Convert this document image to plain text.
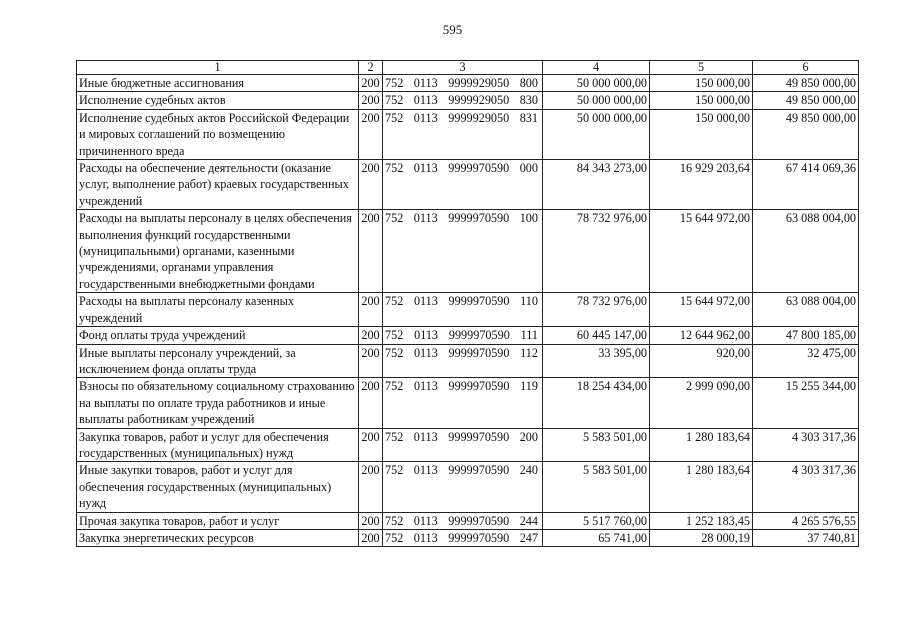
595
1	2	3	4	5	6
Иные бюджетные ассигнования	200	752 0113 9999929050 800	50 000 000,00	150 000,00	49 850 000,00
Исполнение судебных актов	200	752 0113 9999929050 830	50 000 000,00	150 000,00	49 850 000,00
Исполнение судебных актов Российской Федерации и мировых соглашений по возмещению причиненного вреда	200	752 0113 9999929050 831	50 000 000,00	150 000,00	49 850 000,00
Расходы на обеспечение деятельности (оказание услуг, выполнение работ) краевых государственных учреждений	200	752 0113 9999970590 000	84 343 273,00	16 929 203,64	67 414 069,36
Расходы на выплаты персоналу в целях обеспечения выполнения функций государственными (муниципальными) органами, казенными учреждениями, органами управления государственными внебюджетными фондами	200	752 0113 9999970590 100	78 732 976,00	15 644 972,00	63 088 004,00
Расходы на выплаты персоналу казенных учреждений	200	752 0113 9999970590 110	78 732 976,00	15 644 972,00	63 088 004,00
Фонд оплаты труда учреждений	200	752 0113 9999970590 111	60 445 147,00	12 644 962,00	47 800 185,00
Иные выплаты персоналу учреждений, за исключением фонда оплаты труда	200	752 0113 9999970590 112	33 395,00	920,00	32 475,00
Взносы по обязательному социальному страхованию на выплаты по оплате труда работников и иные выплаты работникам учреждений	200	752 0113 9999970590 119	18 254 434,00	2 999 090,00	15 255 344,00
Закупка товаров, работ и услуг для обеспечения государственных (муниципальных) нужд	200	752 0113 9999970590 200	5 583 501,00	1 280 183,64	4 303 317,36
Иные закупки товаров, работ и услуг для обеспечения государственных (муниципальных) нужд	200	752 0113 9999970590 240	5 583 501,00	1 280 183,64	4 303 317,36
Прочая закупка товаров, работ и услуг	200	752 0113 9999970590 244	5 517 760,00	1 252 183,45	4 265 576,55
Закупка энергетических ресурсов	200	752 0113 9999970590 247	65 741,00	28 000,19	37 740,81
